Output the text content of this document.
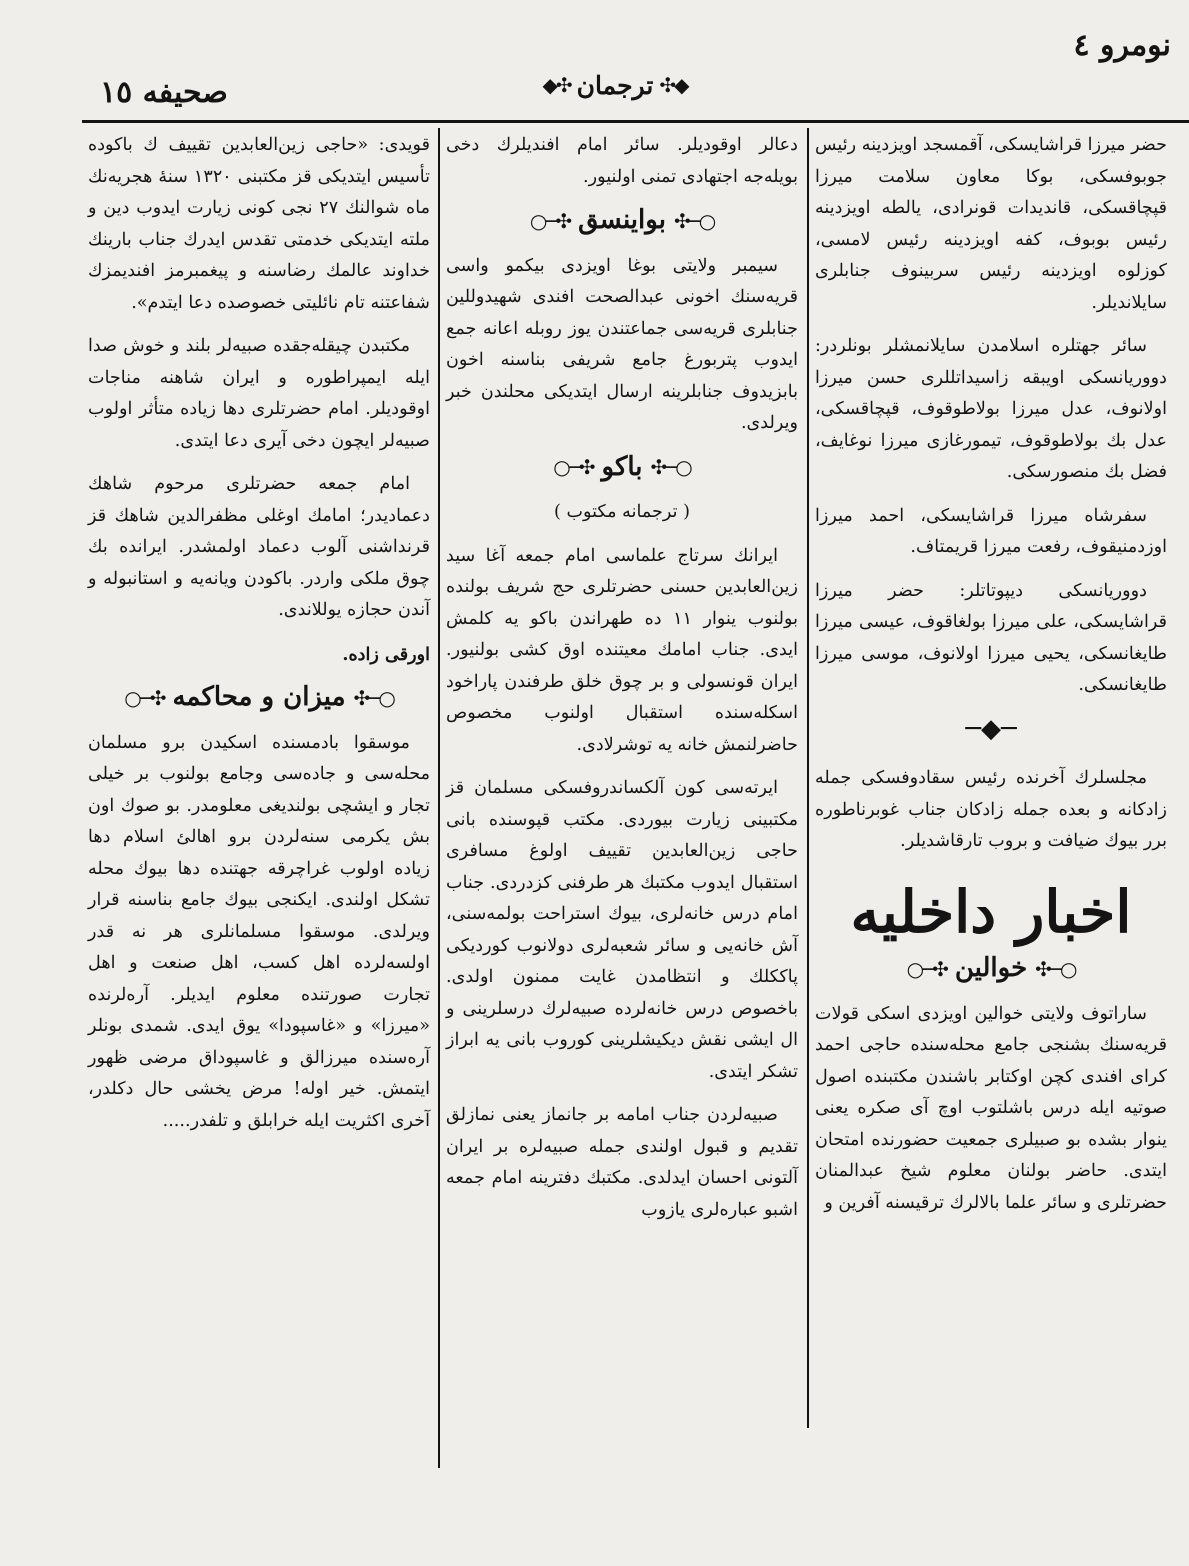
نومرو ٤
◆✣ ترجمان ✣◆
صحيفه ١٥

حضر ميرزا قراشايسكى، آقمسجد اويزدينه رئيس جوبوفسكى، بوكا معاون سلامت ميرزا قپچاقسكى، قانديدات قونرادى، يالطه اويزدينه رئيس بوبوف، كفه اويزدينه رئيس لامسى، كوزلوه اويزدينه رئيس سربينوف جنابلرى سايلانديلر.

سائر جهتلره اسلامدن سايلانمشلر بونلردر: دووريانسكى اويبقه زاسيداتللرى حسن ميرزا اولانوف، عدل ميرزا بولاطوقوف، قپچاقسكى، عدل بك بولاطوقوف، تيمورغازى ميرزا نوغايف، فضل بك منصورسكى.

سفرشاه ميرزا قراشايسكى، احمد ميرزا اوزدمنيقوف، رفعت ميرزا قريمتاف.

دووريانسكى ديپوتاتلر: حضر ميرزا قراشايسكى، على ميرزا بولغاقوف، عيسى ميرزا طايغانسكى، يحيى ميرزا اولانوف، موسى ميرزا طايغانسكى.

─◆─

مجلسلرك آخرنده رئيس سقادوفسكى جمله زادكانه و بعده جمله زادكان جناب غوبرناطوره برر بيوك ضيافت و بروب تارقاشديلر.

اخبار داخليه
○─✣
خوالين
✣─○

ساراتوف ولايتى خوالين اويزدى اسكى قولات قريه‌سنك بشنجى جامع محله‌سنده حاجى احمد كراى افندى كچن اوكتابر باشندن مكتبنده اصول صوتيه ايله درس باشلتوب اوچ آى صكره يعنى ينوار بشده بو صبيلرى جمعيت حضورنده امتحان ايتدى. حاضر بولنان معلوم شيخ عبدالمنان حضرتلرى و سائر علما بالالرك ترقيسنه آفرين و

دعالر اوقوديلر. سائر امام افنديلرك دخى بويله‌جه اجتهادى تمنى اولنيور.

○─✣
بواينسق
✣─○

سيمبر ولايتى بوغا اويزدى بيكمو واسى قريه‌سنك اخونى عبدالصحت افندى شهيدوللين جنابلرى قريه‌سى جماعتندن يوز روبله اعانه جمع ايدوب پتربورغ جامع شريفى بناسنه اخون بابزيدوف جنابلرينه ارسال ايتديكى محلندن خبر ويرلدى.

○─✣
باكو
✣─○

( ترجمانه مكتوب )

ايرانك سرتاج علماسى امام جمعه آغا سيد زين‌العابدين حسنى حضرتلرى حج شريف بولنده بولنوب ينوار ١١ ده طهراندن باكو يه كلمش ايدى. جناب امامك معيتنده اوق كشى بولنيور. ايران قونسولى و بر چوق خلق طرفندن پاراخود اسكله‌سنده استقبال اولنوب مخصوص حاضرلنمش خانه يه توشرلادى.

ايرته‌سى كون آلكساندروفسكى مسلمان قز مكتبينى زيارت بيوردى. مكتب قپوسنده بانى حاجى زين‌العابدين تقييف اولوغ مسافرى استقبال ايدوب مكتبك هر طرفنى كزدردى. جناب امام درس خانه‌لرى، بيوك استراحت بولمه‌سنى، آش خانه‌يى و سائر شعبه‌لرى دولانوب كورديكى پاككلك و انتظامدن غايت ممنون اولدى. باخصوص درس خانه‌لرده صبيه‌لرك درسلرينى و ال ايشى نقش ديكيشلرينى كوروب بانى يه ابراز تشكر ايتدى.

صبيه‌لردن جناب امامه بر جانماز يعنى نمازلق تقديم و قبول اولندى جمله صبيه‌لره بر ايران آلتونى احسان ايدلدى. مكتبك دفترينه امام جمعه اشبو عباره‌لرى يازوب

قويدى: «حاجى زين‌العابدين تقييف ك باكوده تأسيس ايتديكى قز مكتبنى ١٣٢٠ سنهٔ هجريه‌نك ماه شوالنك ٢٧ نجى كونى زيارت ايدوب دين و ملته ايتديكى خدمتى تقدس ايدرك جناب بارينك خداوند عالمك رضاسنه و پيغمبرمز افنديمزك شفاعتنه تام نائليتى خصوصده دعا ايتدم».

مكتبدن چيقله‌جقده صبيه‌لر بلند و خوش صدا ايله ايمپراطوره و ايران شاهنه مناجات اوقوديلر. امام حضرتلرى دها زياده متأثر اولوب صبيه‌لر ايچون دخى آيرى دعا ايتدى.

امام جمعه حضرتلرى مرحوم شاهك دعماديدر؛ امامك اوغلى مظفرالدين شاهك قز قرنداشنى آلوب دعماد اولمشدر. ايرانده بك چوق ملكى واردر. باكودن ويانه‌يه و استانبوله و آندن حجازه يوللاندى.

اورقى زاده.
○─✣
ميزان و محاكمه
✣─○

موسقوا بادمسنده اسكيدن برو مسلمان محله‌سى و جاده‌سى وجامع بولنوب بر خيلى تجار و ايشچى بولنديغى معلومدر. بو صوك اون بش يكرمى سنه‌لردن برو اهالئ اسلام دها زياده اولوب غراچرقه جهتنده دها بيوك محله تشكل اولندى. ايكنجى بيوك جامع بناسنه قرار ويرلدى. موسقوا مسلمانلرى هر نه قدر اولسه‌لرده اهل كسب، اهل صنعت و اهل تجارت صورتنده معلوم ايديلر. آره‌لرنده «ميرزا» و «غاسپودا» يوق ايدى. شمدى بونلر آره‌سنده ميرزالق و غاسپوداق مرضى ظهور ايتمش. خير اوله! مرض يخشى حال دكلدر، آخرى اكثريت ايله خرابلق و تلفدر.....
